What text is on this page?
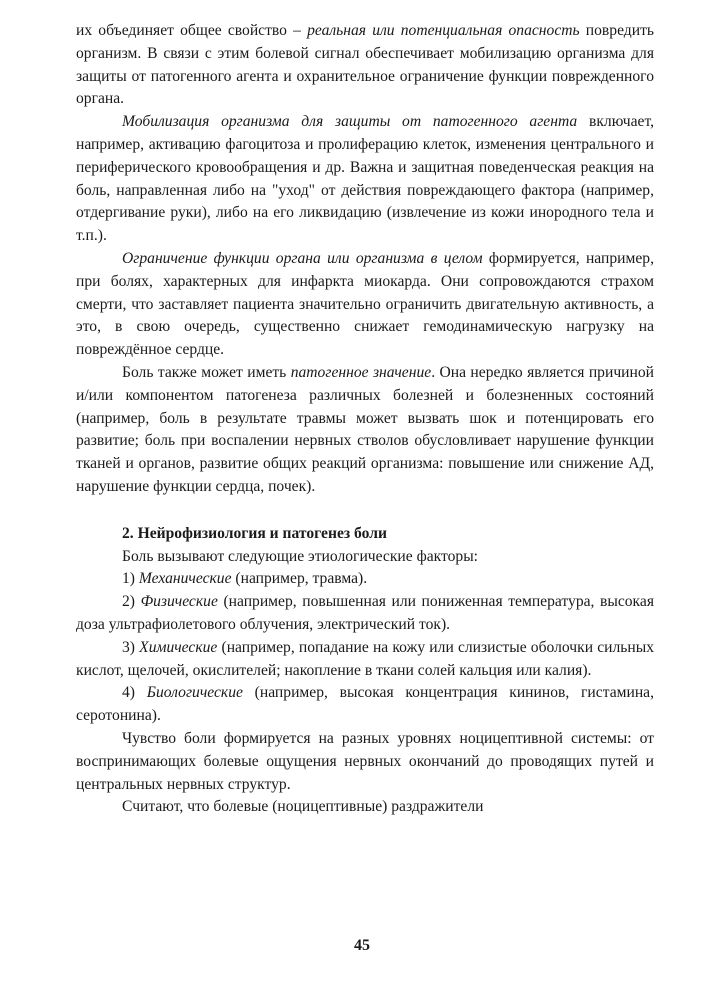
их объединяет общее свойство – реальная или потенциальная опасность повредить организм. В связи с этим болевой сигнал обеспечивает мобилизацию организма для защиты от патогенного агента и охранительное ограничение функции поврежденного органа.

Мобилизация организма для защиты от патогенного агента включает, например, активацию фагоцитоза и пролиферацию клеток, изменения центрального и периферического кровообращения и др. Важна и защитная поведенческая реакция на боль, направленная либо на "уход" от действия повреждающего фактора (например, отдергивание руки), либо на его ликвидацию (извлечение из кожи инородного тела и т.п.).

Ограничение функции органа или организма в целом формируется, например, при болях, характерных для инфаркта миокарда. Они сопровождаются страхом смерти, что заставляет пациента значительно ограничить двигательную активность, а это, в свою очередь, существенно снижает гемодинамическую нагрузку на повреждённое сердце.

Боль также может иметь патогенное значение. Она нередко является причиной и/или компонентом патогенеза различных болезней и болезненных состояний (например, боль в результате травмы может вызвать шок и потенцировать его развитие; боль при воспалении нервных стволов обусловливает нарушение функции тканей и органов, развитие общих реакций организма: повышение или снижение АД, нарушение функции сердца, почек).

2. Нейрофизиология и патогенез боли

Боль вызывают следующие этиологические факторы:

1) Механические (например, травма).

2) Физические (например, повышенная или пониженная температура, высокая доза ультрафиолетового облучения, электрический ток).

3) Химические (например, попадание на кожу или слизистые оболочки сильных кислот, щелочей, окислителей; накопление в ткани солей кальция или калия).

4) Биологические (например, высокая концентрация кининов, гистамина, серотонина).

Чувство боли формируется на разных уровнях ноцицептивной системы: от воспринимающих болевые ощущения нервных окончаний до проводящих путей и центральных нервных структур.

Считают, что болевые (ноцицептивные) раздражители

45
